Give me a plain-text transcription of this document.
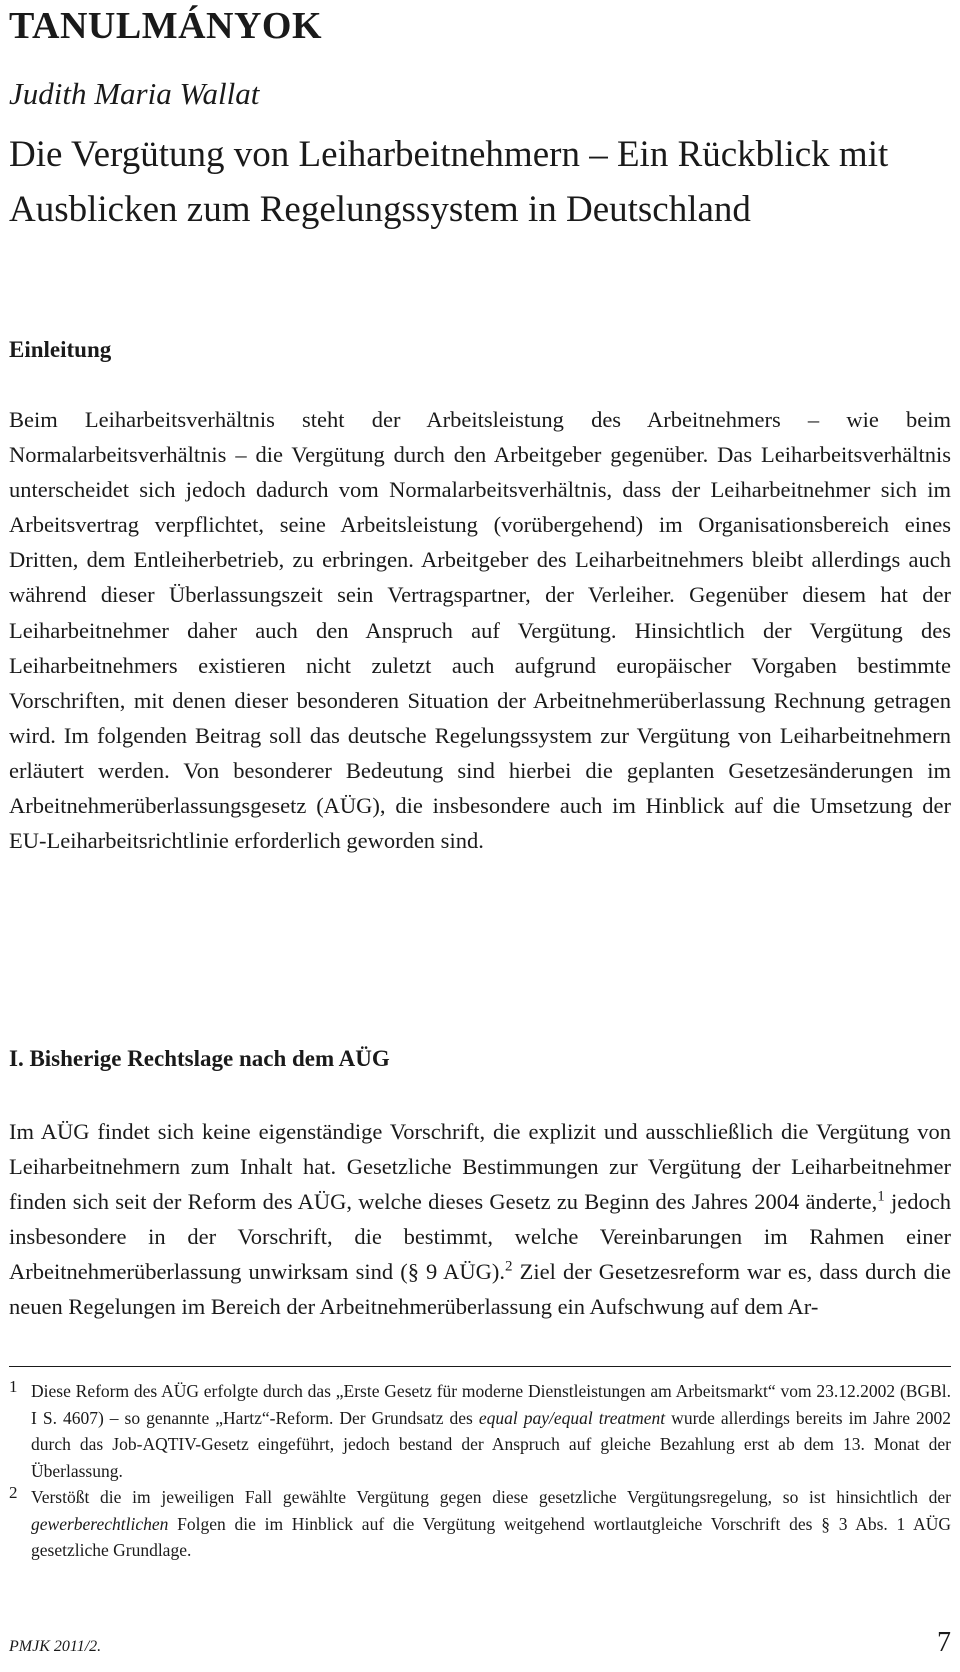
TANULMÁNYOK
Judith Maria Wallat
Die Vergütung von Leiharbeitnehmern – Ein Rückblick mit Ausblicken zum Regelungssystem in Deutschland
Einleitung

Beim Leiharbeitsverhältnis steht der Arbeitsleistung des Arbeitnehmers – wie beim Normalarbeitsverhältnis – die Vergütung durch den Arbeitgeber gegenüber. Das Leiharbeitsverhältnis unterscheidet sich jedoch dadurch vom Normalarbeitsverhältnis, dass der Leiharbeitnehmer sich im Arbeitsvertrag verpflichtet, seine Arbeitsleistung (vorübergehend) im Organisationsbereich eines Dritten, dem Entleiherbetrieb, zu erbringen. Arbeitgeber des Leiharbeitnehmers bleibt allerdings auch während dieser Überlassungszeit sein Vertragspartner, der Verleiher. Gegenüber diesem hat der Leiharbeitnehmer daher auch den Anspruch auf Vergütung. Hinsichtlich der Vergütung des Leiharbeitnehmers existieren nicht zuletzt auch aufgrund europäischer Vorgaben bestimmte Vorschriften, mit denen dieser besonderen Situation der Arbeitnehmerüberlassung Rechnung getragen wird. Im folgenden Beitrag soll das deutsche Regelungssystem zur Vergütung von Leiharbeitnehmern erläutert werden. Von besonderer Bedeutung sind hierbei die geplanten Gesetzesänderungen im Arbeitnehmerüberlassungsgesetz (AÜG), die insbesondere auch im Hinblick auf die Umsetzung der EU-Leiharbeitsrichtlinie erforderlich geworden sind.

I. Bisherige Rechtslage nach dem AÜG

Im AÜG findet sich keine eigenständige Vorschrift, die explizit und ausschließlich die Vergütung von Leiharbeitnehmern zum Inhalt hat. Gesetzliche Bestimmungen zur Vergütung der Leiharbeitnehmer finden sich seit der Reform des AÜG, welche dieses Gesetz zu Beginn des Jahres 2004 änderte,$^1$ jedoch insbesondere in der Vorschrift, die bestimmt, welche Vereinbarungen im Rahmen einer Arbeitnehmerüberlassung unwirksam sind (§ 9 AÜG).$^2$ Ziel der Gesetzesreform war es, dass durch die neuen Regelungen im Bereich der Arbeitnehmerüberlassung ein Aufschwung auf dem Ar-

1 Diese Reform des AÜG erfolgte durch das „Erste Gesetz für moderne Dienstleistungen am Arbeitsmarkt“ vom 23.12.2002 (BGBl. I S. 4607) – so genannte „Hartz“-Reform. Der Grundsatz des equal pay/equal treatment wurde allerdings bereits im Jahre 2002 durch das Job-AQTIV-Gesetz eingeführt, jedoch bestand der Anspruch auf gleiche Bezahlung erst ab dem 13. Monat der Überlassung.

2 Verstößt die im jeweiligen Fall gewählte Vergütung gegen diese gesetzliche Vergütungsregelung, so ist hinsichtlich der gewerberechtlichen Folgen die im Hinblick auf die Vergütung weitgehend wortlautgleiche Vorschrift des § 3 Abs. 1 AÜG gesetzliche Grundlage.

PMJK 2011/2.	7
